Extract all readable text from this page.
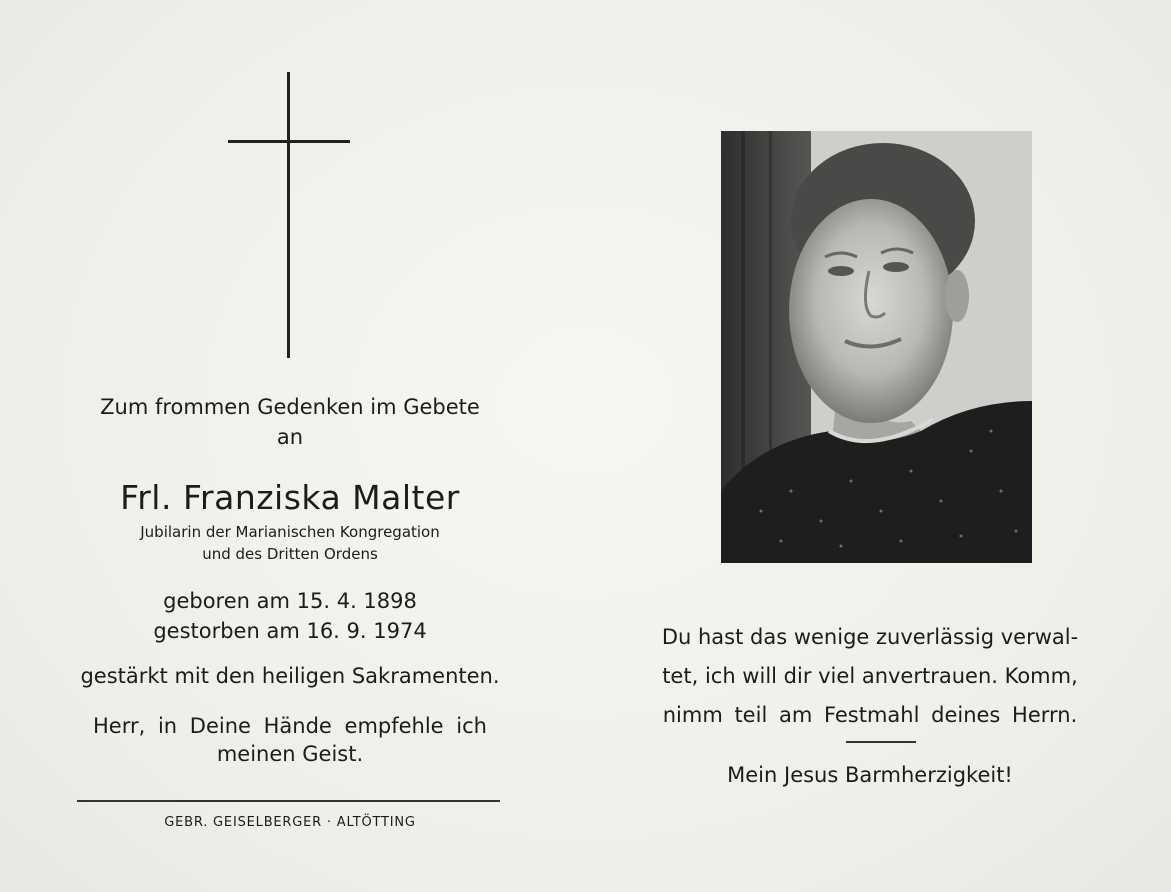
Zum frommen Gedenken im Gebete
an
Frl. Franziska Malter
Jubilarin der Marianischen Kongregation
und des Dritten Ordens
geboren am 15. 4. 1898
gestorben am 16. 9. 1974
gestärkt mit den heiligen Sakramenten.
Herr, in Deine Hände empfehle ich
meinen Geist.
GEBR. GEISELBERGER · ALTÖTTING
Du hast das wenige zuverlässig verwal-
tet, ich will dir viel anvertrauen. Komm,
nimm teil am Festmahl deines Herrn.
Mein Jesus Barmherzigkeit!
